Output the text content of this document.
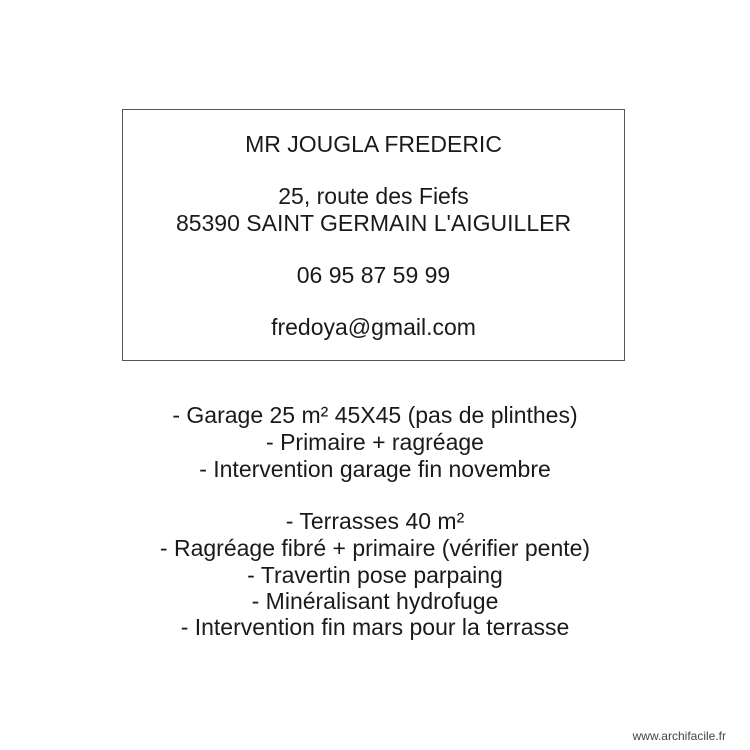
MR JOUGLA FREDERIC
25, route des Fiefs
85390 SAINT GERMAIN L'AIGUILLER
06 95 87 59 99
fredoya@gmail.com
- Garage 25 m² 45X45 (pas de plinthes)
- Primaire + ragréage
- Intervention garage fin novembre
- Terrasses 40 m²
- Ragréage fibré + primaire (vérifier pente)
- Travertin pose parpaing
- Minéralisant hydrofuge
- Intervention fin mars pour la terrasse
www.archifacile.fr
